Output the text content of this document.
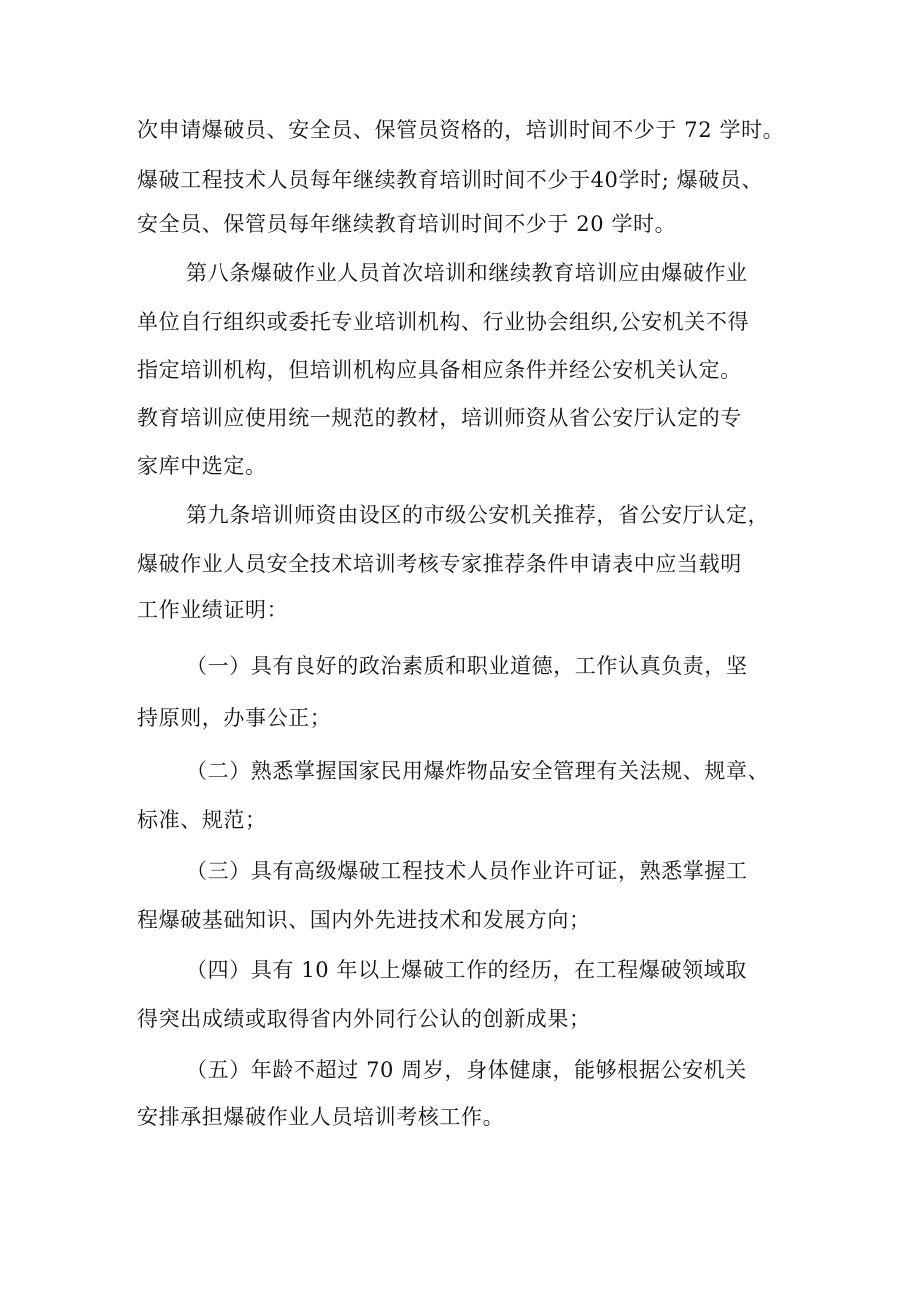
次申请爆破员、安全员、保管员资格的，培训时间不少于 72 学时。
爆破工程技术人员每年继续教育培训时间不少于40学时; 爆破员、
安全员、保管员每年继续教育培训时间不少于 20 学时。
第八条爆破作业人员首次培训和继续教育培训应由爆破作业
单位自行组织或委托专业培训机构、行业协会组织,公安机关不得
指定培训机构，但培训机构应具备相应条件并经公安机关认定。
教育培训应使用统一规范的教材，培训师资从省公安厅认定的专
家库中选定。
第九条培训师资由设区的市级公安机关推荐，省公安厅认定，
爆破作业人员安全技术培训考核专家推荐条件申请表中应当载明
工作业绩证明：
（一）具有良好的政治素质和职业道德，工作认真负责，坚
持原则，办事公正；
（二）熟悉掌握国家民用爆炸物品安全管理有关法规、规章、
标准、规范；
（三）具有高级爆破工程技术人员作业许可证，熟悉掌握工
程爆破基础知识、国内外先进技术和发展方向；
（四）具有 10 年以上爆破工作的经历，在工程爆破领域取
得突出成绩或取得省内外同行公认的创新成果；
（五）年龄不超过 70 周岁，身体健康，能够根据公安机关
安排承担爆破作业人员培训考核工作。
